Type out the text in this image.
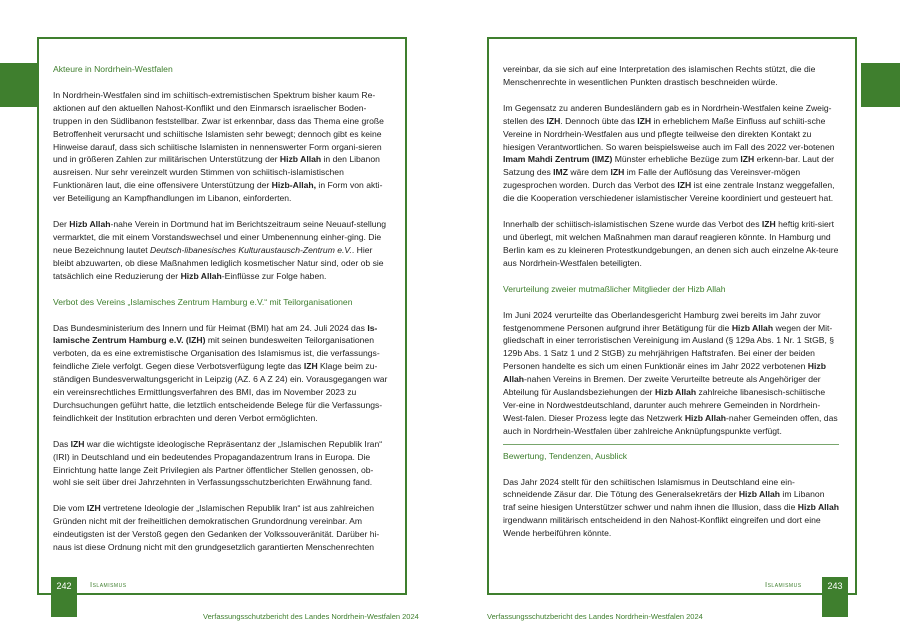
Akteure in Nordrhein-Westfalen

In Nordrhein-Westfalen sind im schiitisch-extremistischen Spektrum bisher kaum Re-aktionen auf den aktuellen Nahost-Konflikt und den Einmarsch israelischer Boden-truppen in den Südlibanon feststellbar. Zwar ist erkennbar, dass das Thema eine große Betroffenheit verursacht und schiitische Islamisten sehr bewegt; dennoch gibt es keine Hinweise darauf, dass sich schiitische Islamisten in nennenswerter Form organi-sieren und in größeren Zahlen zur militärischen Unterstützung der Hizb Allah in den Libanon ausreisen. Nur sehr vereinzelt wurden Stimmen von schiitisch-islamistischen Funktionären laut, die eine offensivere Unterstützung der Hizb-Allah, in Form von akti-ver Beteiligung an Kampfhandlungen im Libanon, einforderten.

Der Hizb Allah-nahe Verein in Dortmund hat im Berichtszeitraum seine Neuauf-stellung vermarktet, die mit einem Vorstandswechsel und einer Umbenennung einher-ging. Die neue Bezeichnung lautet Deutsch-libanesisches Kulturaustausch-Zentrum e.V.. Hier bleibt abzuwarten, ob diese Maßnahmen lediglich kosmetischer Natur sind, oder ob sie tatsächlich eine Reduzierung der Hizb Allah-Einflüsse zur Folge haben.

Verbot des Vereins „Islamisches Zentrum Hamburg e.V.“ mit Teilorganisationen

Das Bundesministerium des Innern und für Heimat (BMI) hat am 24. Juli 2024 das Is-lamische Zentrum Hamburg e.V. (IZH) mit seinen bundesweiten Teilorganisationen verboten, da es eine extremistische Organisation des Islamismus ist, die verfassungs-feindliche Ziele verfolgt. Gegen diese Verbotsverfügung legte das IZH Klage beim zu-ständigen Bundesverwaltungsgericht in Leipzig (AZ. 6 A Z 24) ein. Vorausgegangen war ein vereinsrechtliches Ermittlungsverfahren des BMI, das im November 2023 zu Durchsuchungen geführt hatte, die letztlich entscheidende Belege für die Verfassungs-feindlichkeit der Institution erbrachten und deren Verbot ermöglichten.

Das IZH war die wichtigste ideologische Repräsentanz der „Islamischen Republik Iran“ (IRI) in Deutschland und ein bedeutendes Propagandazentrum Irans in Europa. Die Einrichtung hatte lange Zeit Privilegien als Partner öffentlicher Stellen genossen, ob-wohl sie seit über drei Jahrzehnten in Verfassungsschutzberichten Erwähnung fand.

Die vom IZH vertretene Ideologie der „Islamischen Republik Iran“ ist aus zahlreichen Gründen nicht mit der freiheitlichen demokratischen Grundordnung vereinbar. Am eindeutigsten ist der Verstoß gegen den Gedanken der Volkssouveränität. Darüber hi-naus ist diese Ordnung nicht mit den grundgesetzlich garantierten Menschenrechten

vereinbar, da sie sich auf eine Interpretation des islamischen Rechts stützt, die die Menschenrechte in wesentlichen Punkten drastisch beschneiden würde.

Im Gegensatz zu anderen Bundesländern gab es in Nordrhein-Westfalen keine Zweig-stellen des IZH. Dennoch übte das IZH in erheblichem Maße Einfluss auf schiiti-sche Vereine in Nordrhein-Westfalen aus und pflegte teilweise den direkten Kontakt zu hiesigen Verantwortlichen. So waren beispielsweise auch im Fall des 2022 ver-botenen Imam Mahdi Zentrum (IMZ) Münster erhebliche Bezüge zum IZH erkenn-bar. Laut der Satzung des IMZ wäre dem IZH im Falle der Auflösung das Vereinsver-mögen zugesprochen worden. Durch das Verbot des IZH ist eine zentrale Instanz weggefallen, die die Kooperation verschiedener islamistischer Vereine koordiniert und gesteuert hat.

Innerhalb der schiitisch-islamistischen Szene wurde das Verbot des IZH heftig kriti-siert und überlegt, mit welchen Maßnahmen man darauf reagieren könnte. In Hamburg und Berlin kam es zu kleineren Protestkundgebungen, an denen sich auch einzelne Ak-teure aus Nordrhein-Westfalen beteiligten.

Verurteilung zweier mutmaßlicher Mitglieder der Hizb Allah

Im Juni 2024 verurteilte das Oberlandesgericht Hamburg zwei bereits im Jahr zuvor festgenommene Personen aufgrund ihrer Betätigung für die Hizb Allah wegen der Mit-gliedschaft in einer terroristischen Vereinigung im Ausland (§ 129a Abs. 1 Nr. 1 StGB, § 129b Abs. 1 Satz 1 und 2 StGB) zu mehrjährigen Haftstrafen. Bei einer der beiden Personen handelte es sich um einen Funktionär eines im Jahr 2022 verbotenen Hizb Allah-nahen Vereins in Bremen. Der zweite Verurteilte betreute als Angehöriger der Abteilung für Auslandsbeziehungen der Hizb Allah zahlreiche libanesisch-schiitische Ver-eine in Nordwestdeutschland, darunter auch mehrere Gemeinden in Nordrhein-West-falen. Dieser Prozess legte das Netzwerk Hizb Allah-naher Gemeinden offen, das auch in Nordrhein-Westfalen über zahlreiche Anknüpfungspunkte verfügt.

Bewertung, Tendenzen, Ausblick

Das Jahr 2024 stellt für den schiitischen Islamismus in Deutschland eine ein-schneidende Zäsur dar. Die Tötung des Generalsekretärs der Hizb Allah im Libanon traf seine hiesigen Unterstützer schwer und nahm ihnen die Illusion, dass die Hizb Allah irgendwann militärisch entscheidend in den Nahost-Konflikt eingreifen und dort eine Wende herbeiführen könnte.

242	243
Islamismus	Islamismus
Verfassungsschutzbericht des Landes Nordrhein-Westfalen 2024	Verfassungsschutzbericht des Landes Nordrhein-Westfalen 2024
